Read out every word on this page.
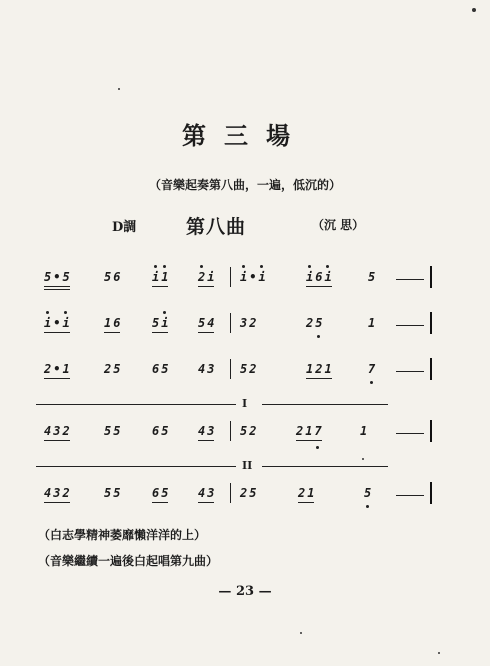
第三場
（音樂起奏第八曲，一遍，低沉的）
D調	第八曲	（沉 思）
5•5	56 i1 2i i•i	i6i	5
i•i	16 5i 54 32	25	1
2•1	25 65 43 52	121	7
432	55 65 43 52	217	1
432	55 65 43 25	21	5
I
II
（白志學精神萎靡懶洋洋的上）
（音樂繼續一遍後白起唱第九曲）
— 23 —
